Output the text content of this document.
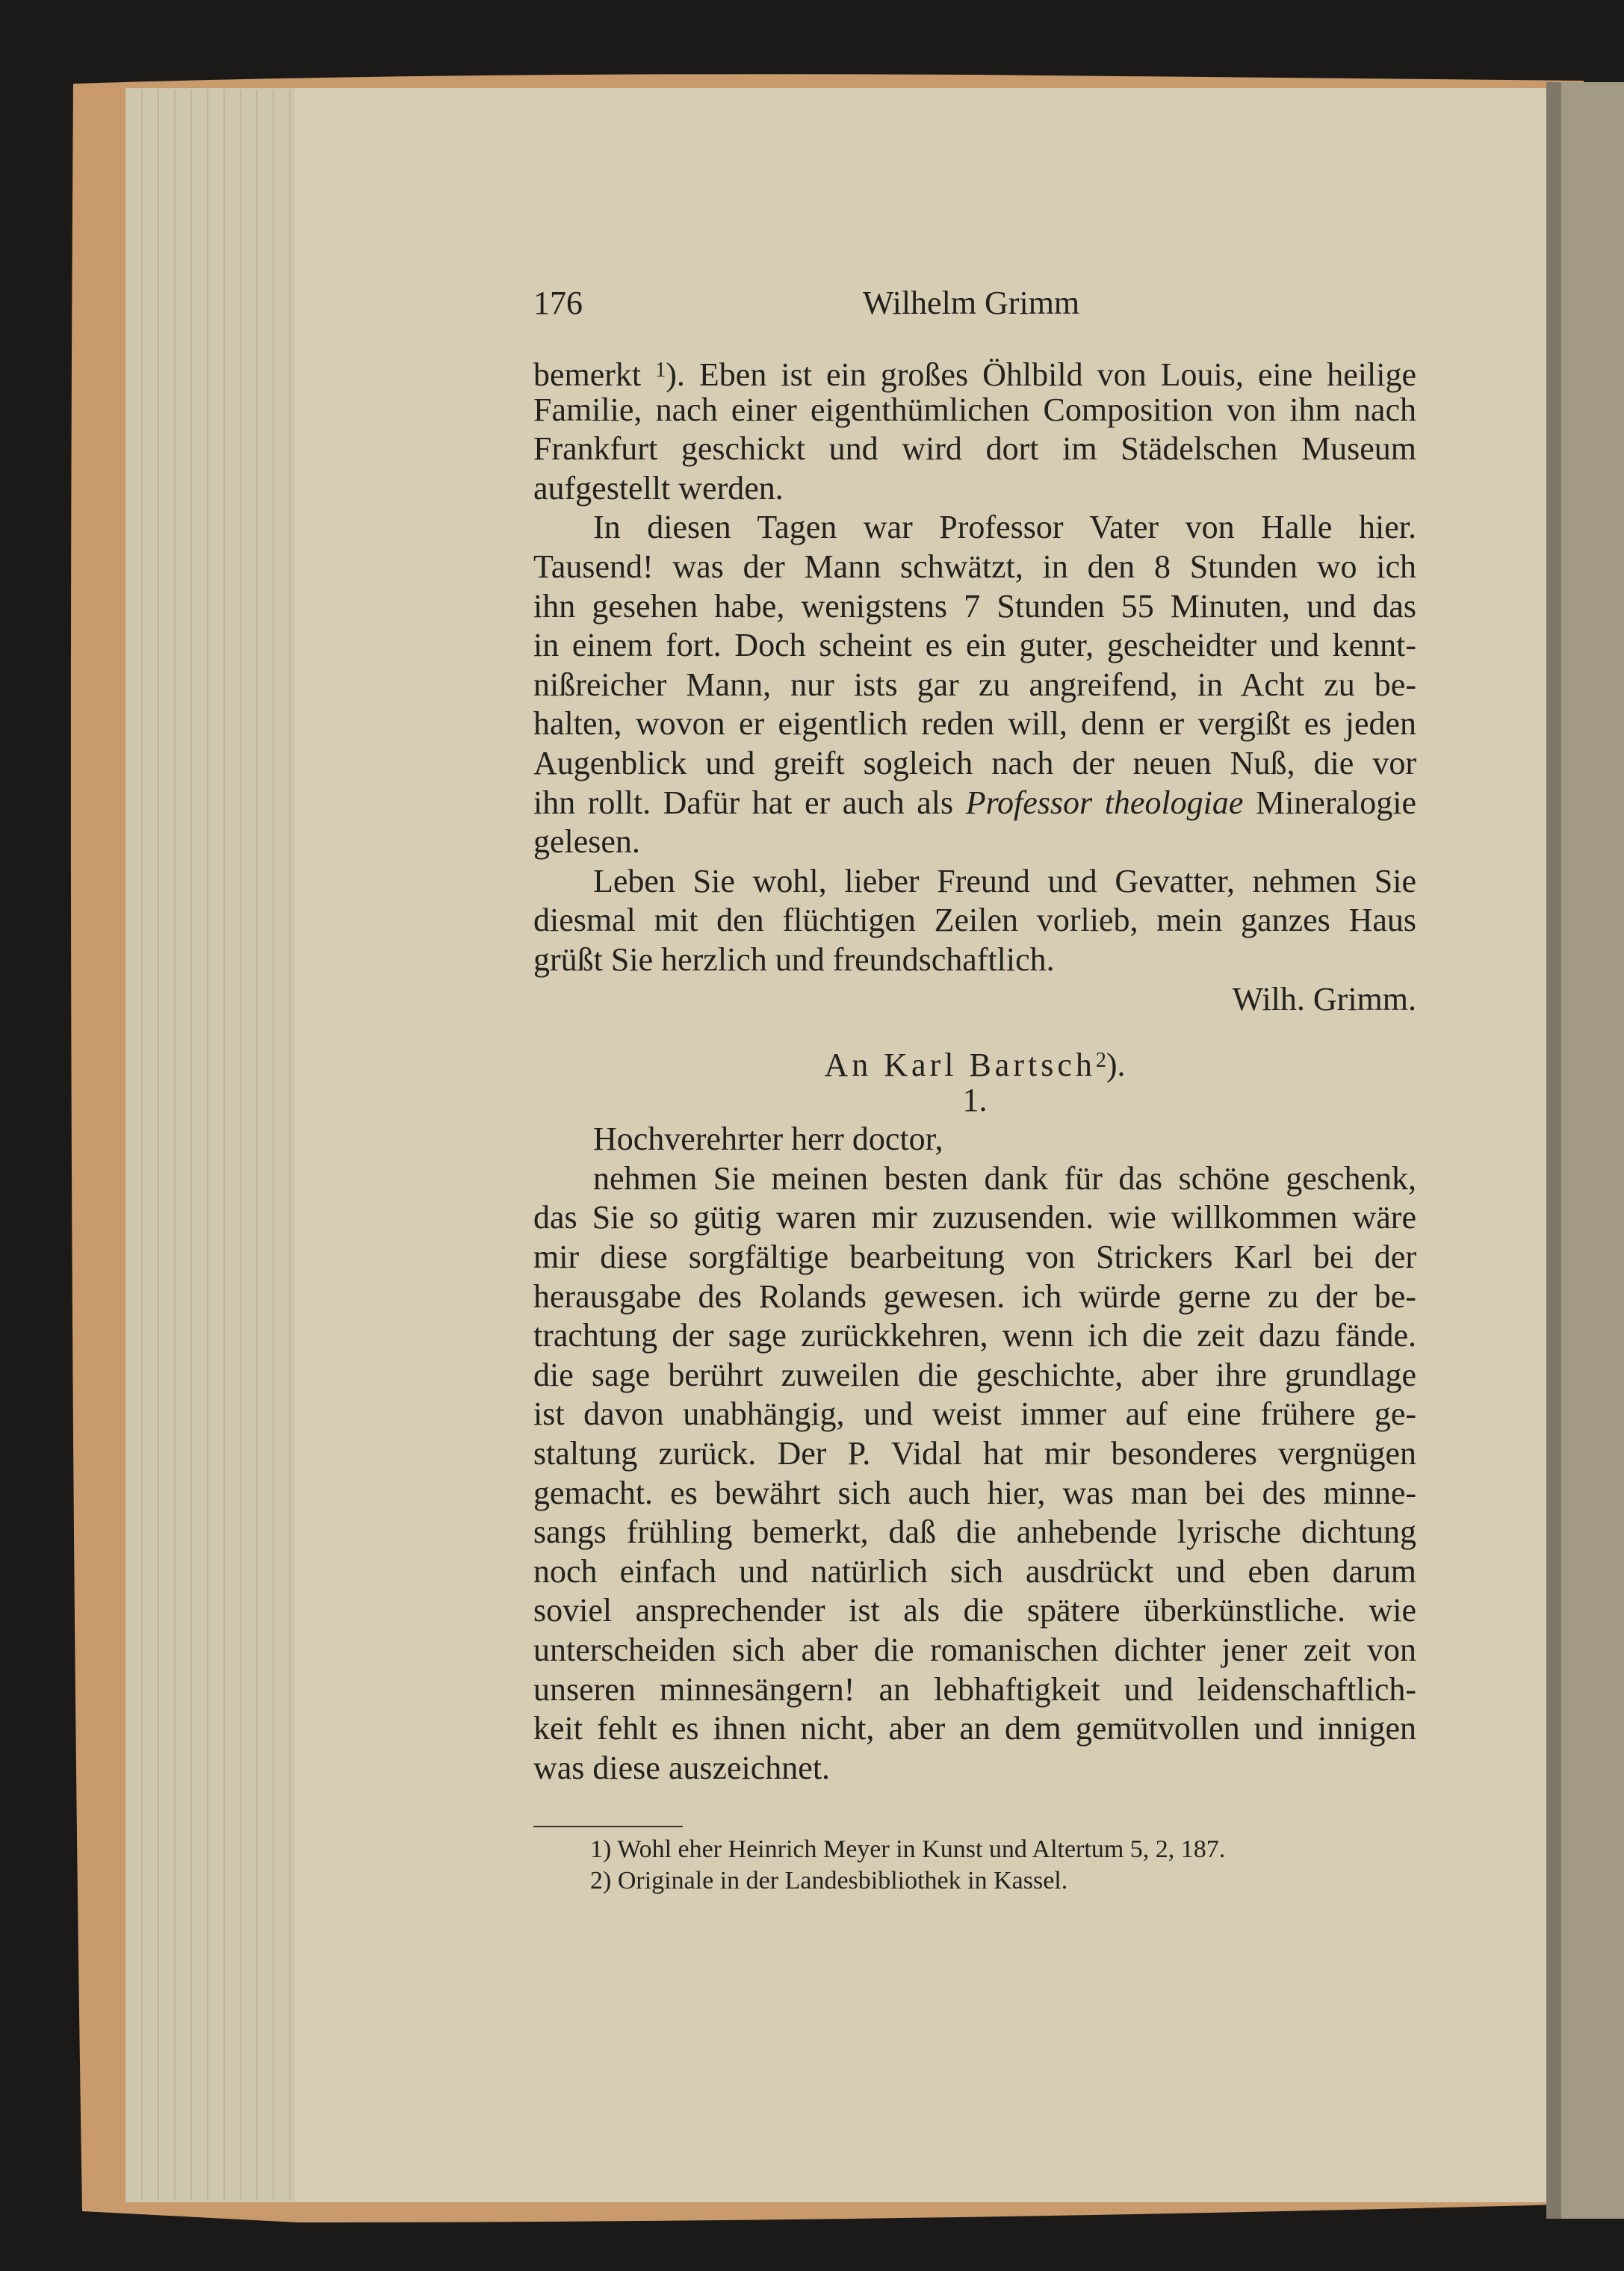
176	Wilhelm Grimm
bemerkt $^1$). Eben ist ein großes Öhlbild von Louis, eine heilige
Familie, nach einer eigenthümlichen Composition von ihm nach
Frankfurt geschickt und wird dort im Städelschen Museum
aufgestellt werden.
In diesen Tagen war Professor Vater von Halle hier.
Tausend! was der Mann schwätzt, in den 8 Stunden wo ich
ihn gesehen habe, wenigstens 7 Stunden 55 Minuten, und das
in einem fort. Doch scheint es ein guter, gescheidter und kennt-
nißreicher Mann, nur ists gar zu angreifend, in Acht zu be-
halten, wovon er eigentlich reden will, denn er vergißt es jeden
Augenblick und greift sogleich nach der neuen Nuß, die vor
ihn rollt. Dafür hat er auch als Professor theologiae Mineralogie
gelesen.
Leben Sie wohl, lieber Freund und Gevatter, nehmen Sie
diesmal mit den flüchtigen Zeilen vorlieb, mein ganzes Haus
grüßt Sie herzlich und freundschaftlich.
Wilh. Grimm.
An Karl Bartsch$^2$).
1.
Hochverehrter herr doctor,
nehmen Sie meinen besten dank für das schöne geschenk,
das Sie so gütig waren mir zuzusenden. wie willkommen wäre
mir diese sorgfältige bearbeitung von Strickers Karl bei der
herausgabe des Rolands gewesen. ich würde gerne zu der be-
trachtung der sage zurückkehren, wenn ich die zeit dazu fände.
die sage berührt zuweilen die geschichte, aber ihre grundlage
ist davon unabhängig, und weist immer auf eine frühere ge-
staltung zurück. Der P. Vidal hat mir besonderes vergnügen
gemacht. es bewährt sich auch hier, was man bei des minne-
sangs frühling bemerkt, daß die anhebende lyrische dichtung
noch einfach und natürlich sich ausdrückt und eben darum
soviel ansprechender ist als die spätere überkünstliche. wie
unterscheiden sich aber die romanischen dichter jener zeit von
unseren minnesängern! an lebhaftigkeit und leidenschaftlich-
keit fehlt es ihnen nicht, aber an dem gemütvollen und innigen
was diese auszeichnet.
1) Wohl eher Heinrich Meyer in Kunst und Altertum 5, 2, 187.
2) Originale in der Landesbibliothek in Kassel.
